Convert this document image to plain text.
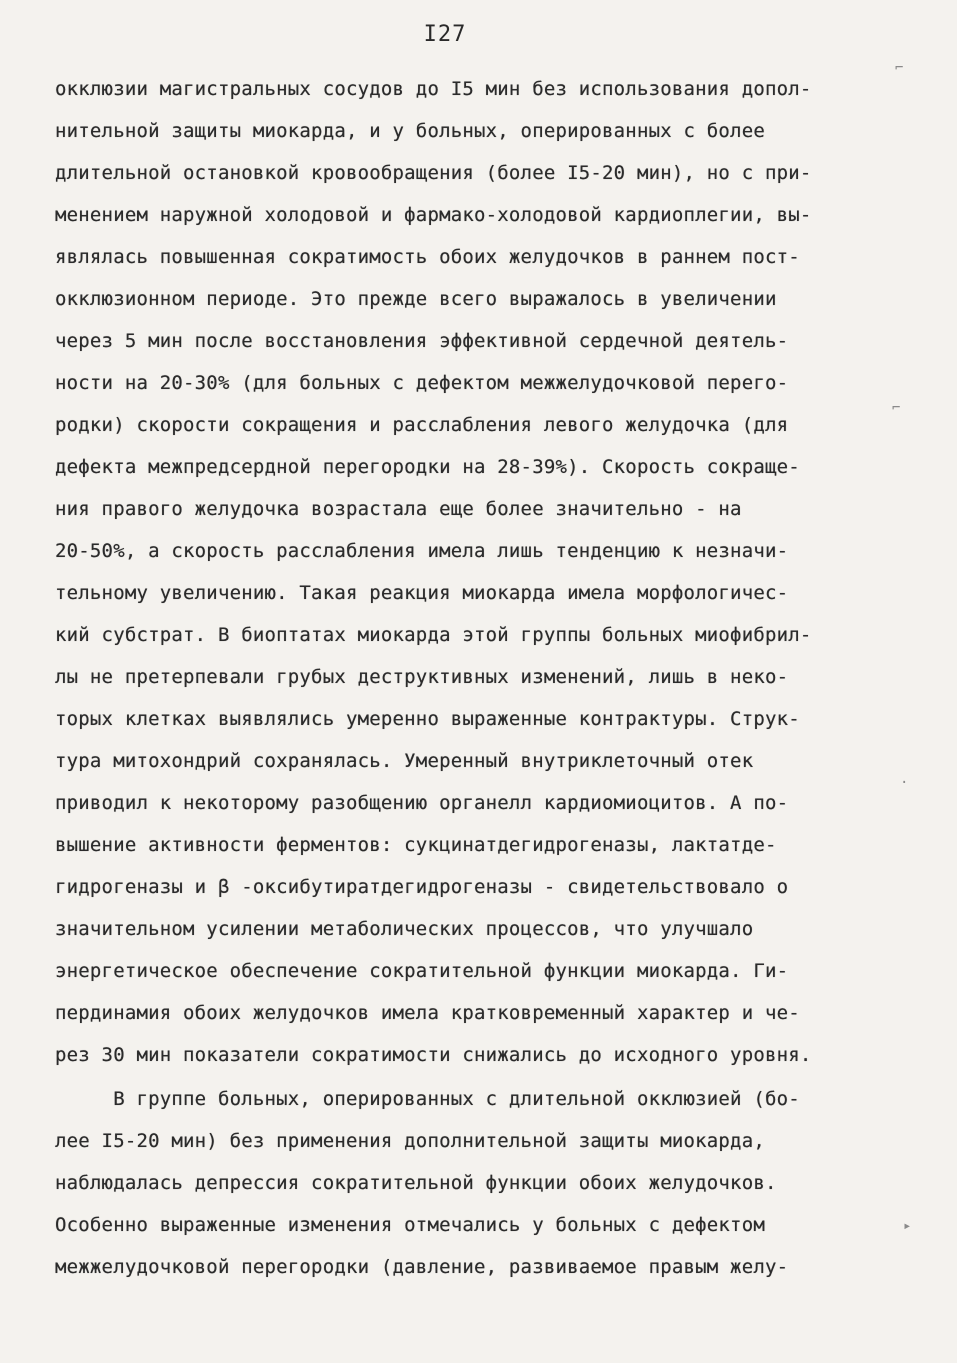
I27
окклюзии магистральных сосудов до I5 мин без использования допол-
нительной защиты миокарда, и у больных, оперированных с более
длительной остановкой кровообращения (более I5-20 мин), но с при-
менением наружной холодовой и фармако-холодовой кардиоплегии, вы-
являлась повышенная сократимость обоих желудочков в раннем пост-
окклюзионном периоде. Это прежде всего выражалось в увеличении
через 5 мин после восстановления эффективной сердечной деятель-
ности на 20-30% (для больных с дефектом межжелудочковой перего-
родки) скорости сокращения и расслабления левого желудочка (для
дефекта межпредсердной перегородки на 28-39%). Скорость сокраще-
ния правого желудочка возрастала еще более значительно - на
20-50%, а скорость расслабления имела лишь тенденцию к незначи-
тельному увеличению. Такая реакция миокарда имела морфологичес-
кий субстрат. В биоптатах миокарда этой группы больных миофибрил-
лы не претерпевали грубых деструктивных изменений, лишь в неко-
торых клетках выявлялись умеренно выраженные контрактуры. Струк-
тура митохондрий сохранялась. Умеренный внутриклеточный отек
приводил к некоторому разобщению органелл кардиомиоцитов. А по-
вышение активности ферментов: сукцинатдегидрогеназы, лактатде-
гидрогеназы и β -оксибутиратдегидрогеназы - свидетельствовало о
значительном усилении метаболических процессов, что улучшало
энергетическое обеспечение сократительной функции миокарда. Ги-
пердинамия обоих желудочков имела кратковременный характер и че-
рез 30 мин показатели сократимости снижались до исходного уровня.
В группе больных, оперированных с длительной окклюзией (бо-
лее I5-20 мин) без применения дополнительной защиты миокарда,
наблюдалась депрессия сократительной функции обоих желудочков.
Особенно выраженные изменения отмечались у больных с дефектом
межжелудочковой перегородки (давление, развиваемое правым желу-
⌐
⌐
·
▸
